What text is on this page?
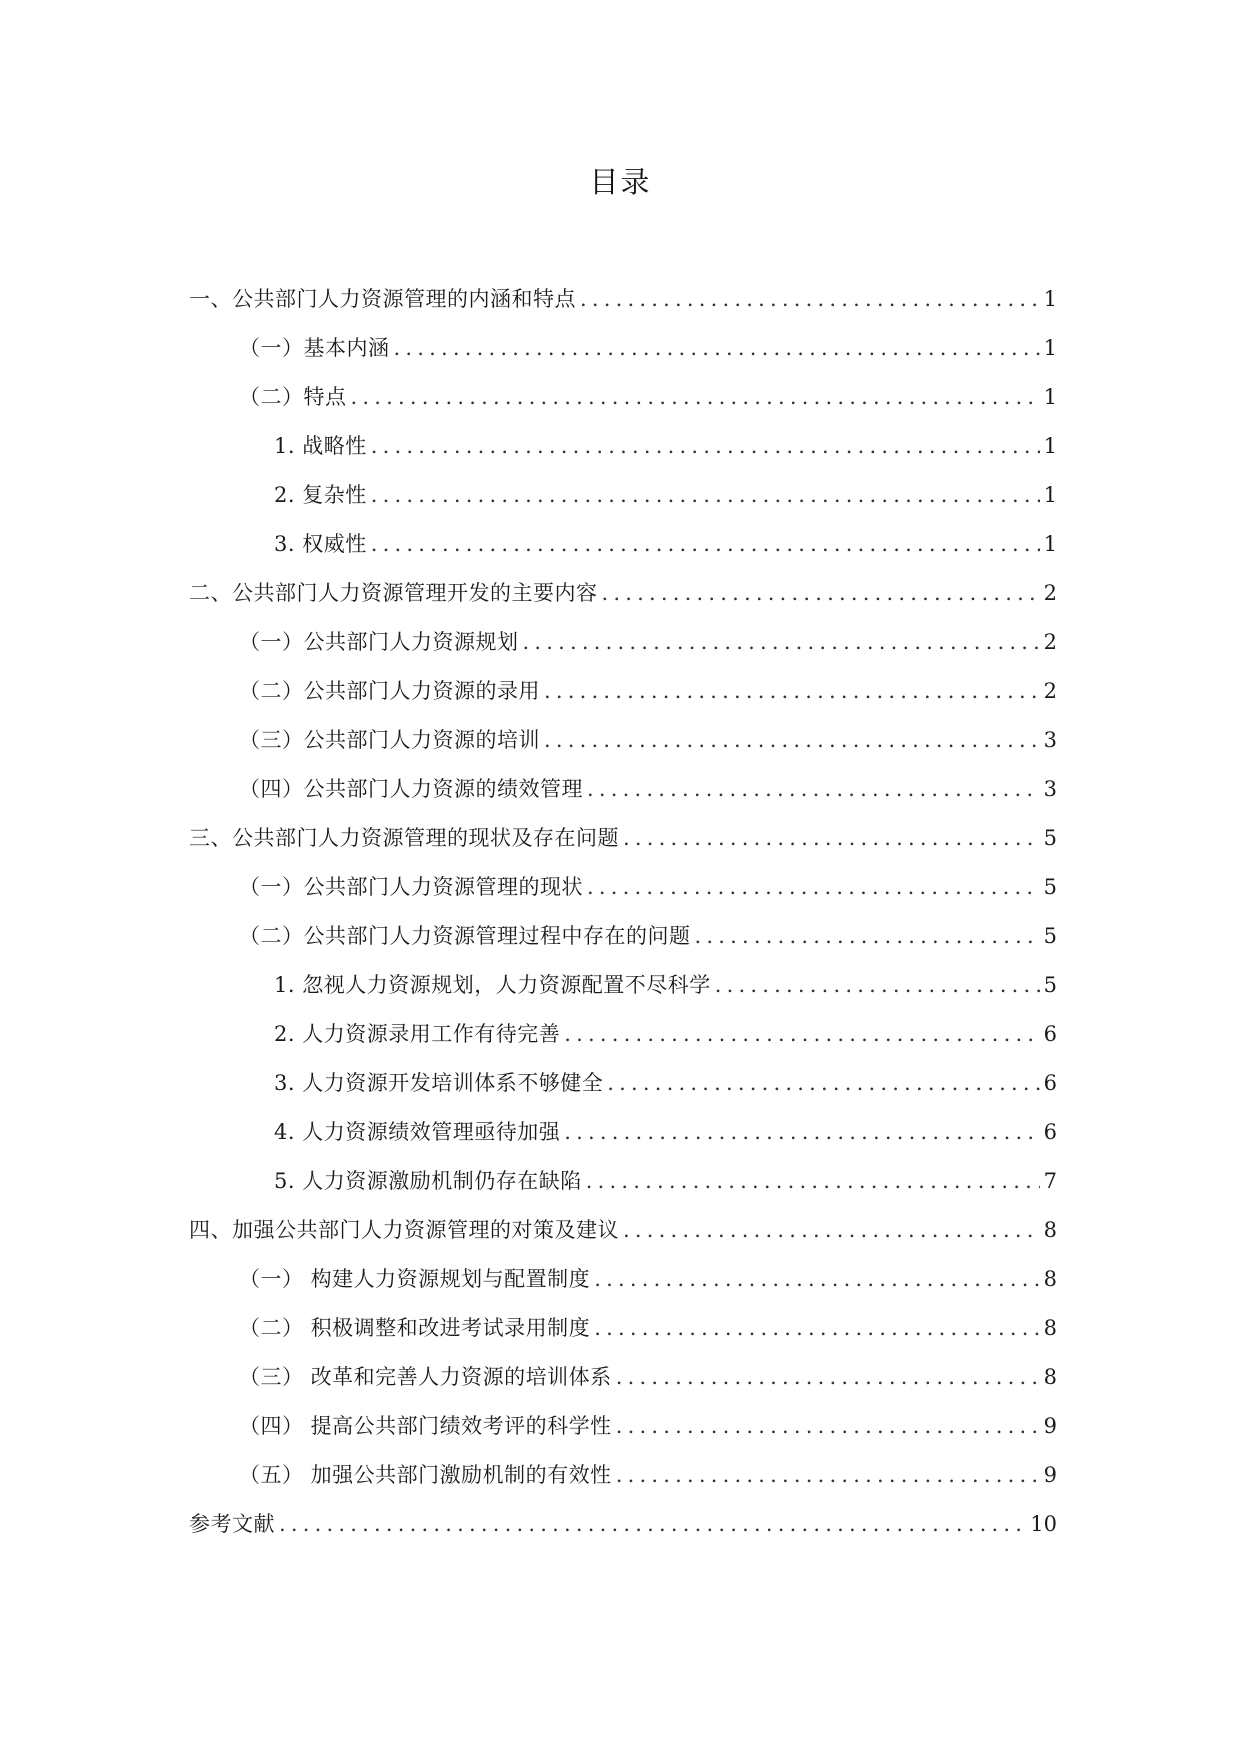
目录
一、公共部门人力资源管理的内涵和特点 .....	1
（一）基本内涵 .....	1
（二）特点 .....	1
1. 战略性 .....	1
2. 复杂性 .....	1
3. 权威性 .....	1
二、公共部门人力资源管理开发的主要内容 .....	2
（一）公共部门人力资源规划 .....	2
（二）公共部门人力资源的录用 .....	2
（三）公共部门人力资源的培训 .....	3
（四）公共部门人力资源的绩效管理 .....	3
三、公共部门人力资源管理的现状及存在问题 .....	5
（一）公共部门人力资源管理的现状 .....	5
（二）公共部门人力资源管理过程中存在的问题 .....	5
1. 忽视人力资源规划，人力资源配置不尽科学 .....	5
2. 人力资源录用工作有待完善 .....	6
3. 人力资源开发培训体系不够健全 .....	6
4. 人力资源绩效管理亟待加强 .....	6
5. 人力资源激励机制仍存在缺陷 .....	7
四、加强公共部门人力资源管理的对策及建议 .....	8
（一） 构建人力资源规划与配置制度 .....	8
（二） 积极调整和改进考试录用制度 .....	8
（三） 改革和完善人力资源的培训体系 .....	8
（四） 提高公共部门绩效考评的科学性 .....	9
（五） 加强公共部门激励机制的有效性 .....	9
参考文献 .....	10
